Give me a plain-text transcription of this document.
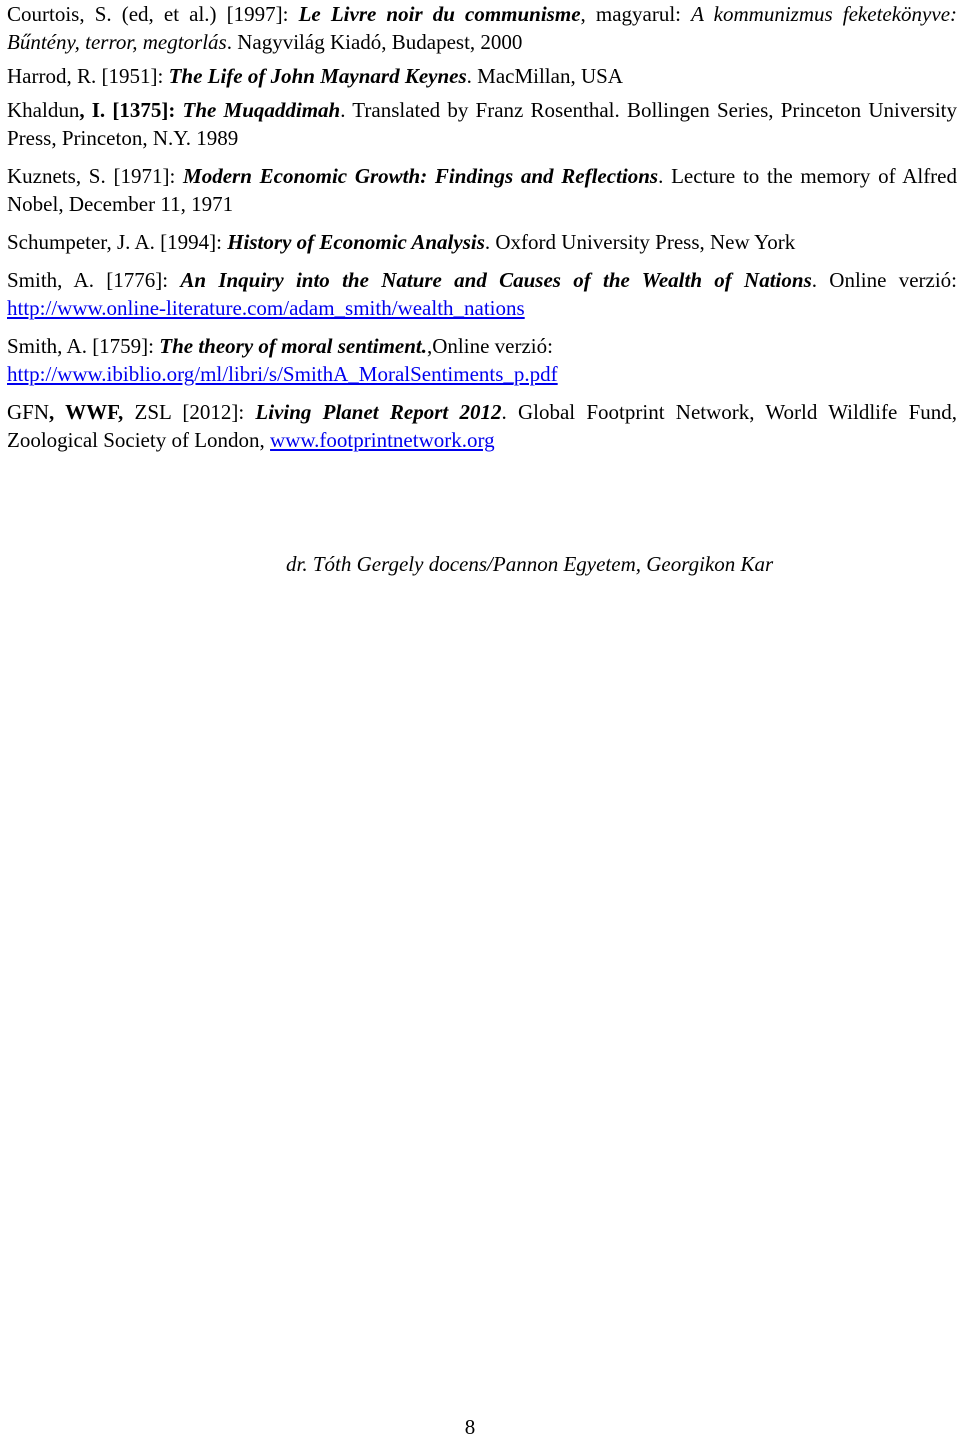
Courtois, S. (ed, et al.) [1997]: Le Livre noir du communisme, magyarul: A kommunizmus feketekönyve: Bűntény, terror, megtorlás. Nagyvilág Kiadó, Budapest, 2000
Harrod, R. [1951]: The Life of John Maynard Keynes. MacMillan, USA
Khaldun, I. [1375]: The Muqaddimah. Translated by Franz Rosenthal. Bollingen Series, Princeton University Press, Princeton, N.Y. 1989
Kuznets, S. [1971]: Modern Economic Growth: Findings and Reflections. Lecture to the memory of Alfred Nobel, December 11, 1971
Schumpeter, J. A. [1994]: History of Economic Analysis. Oxford University Press, New York
Smith, A. [1776]: An Inquiry into the Nature and Causes of the Wealth of Nations. Online verzió: http://www.online-literature.com/adam_smith/wealth_nations
Smith, A. [1759]: The theory of moral sentiment.,Online verzió:
http://www.ibiblio.org/ml/libri/s/SmithA_MoralSentiments_p.pdf
GFN, WWF, ZSL [2012]: Living Planet Report 2012. Global Footprint Network, World Wildlife Fund, Zoological Society of London, www.footprintnetwork.org
dr. Tóth Gergely docens/Pannon Egyetem, Georgikon Kar
8
